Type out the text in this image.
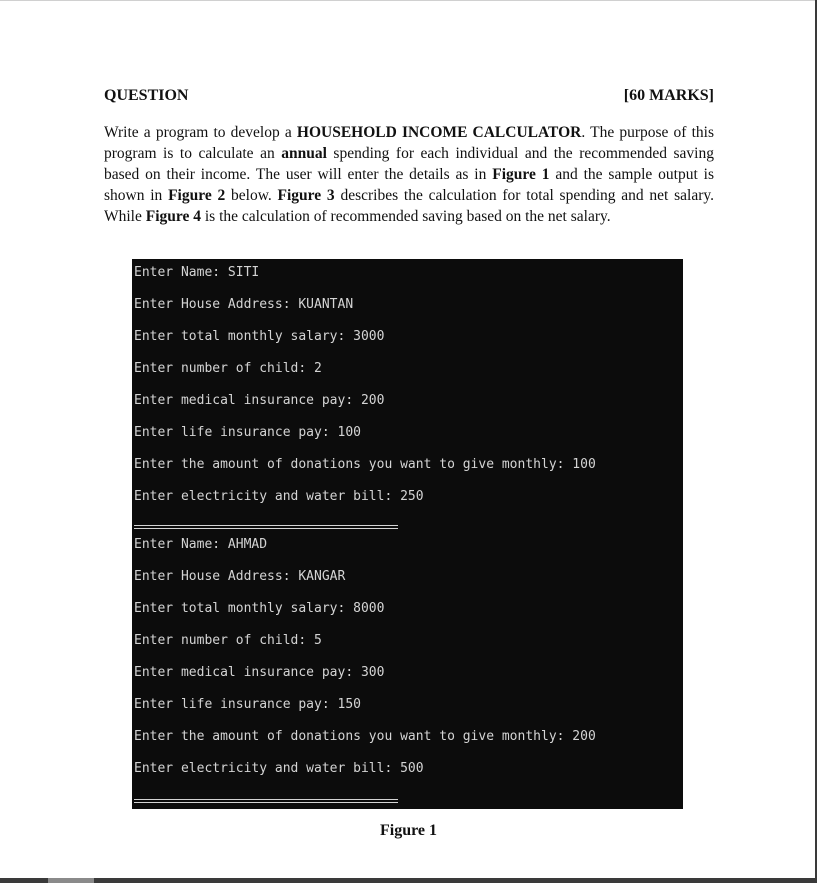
QUESTION	[60 MARKS]

Write a program to develop a HOUSEHOLD INCOME CALCULATOR. The purpose of this program is to calculate an annual spending for each individual and the recommended saving based on their income. The user will enter the details as in Figure 1 and the sample output is shown in Figure 2 below. Figure 3 describes the calculation for total spending and net salary. While Figure 4 is the calculation of recommended saving based on the net salary.

Enter Name: SITI
Enter House Address: KUANTAN
Enter total monthly salary: 3000
Enter number of child: 2
Enter medical insurance pay: 200
Enter life insurance pay: 100
Enter the amount of donations you want to give monthly: 100
Enter electricity and water bill: 250
Enter Name: AHMAD
Enter House Address: KANGAR
Enter total monthly salary: 8000
Enter number of child: 5
Enter medical insurance pay: 300
Enter life insurance pay: 150
Enter the amount of donations you want to give monthly: 200
Enter electricity and water bill: 500
Figure 1
